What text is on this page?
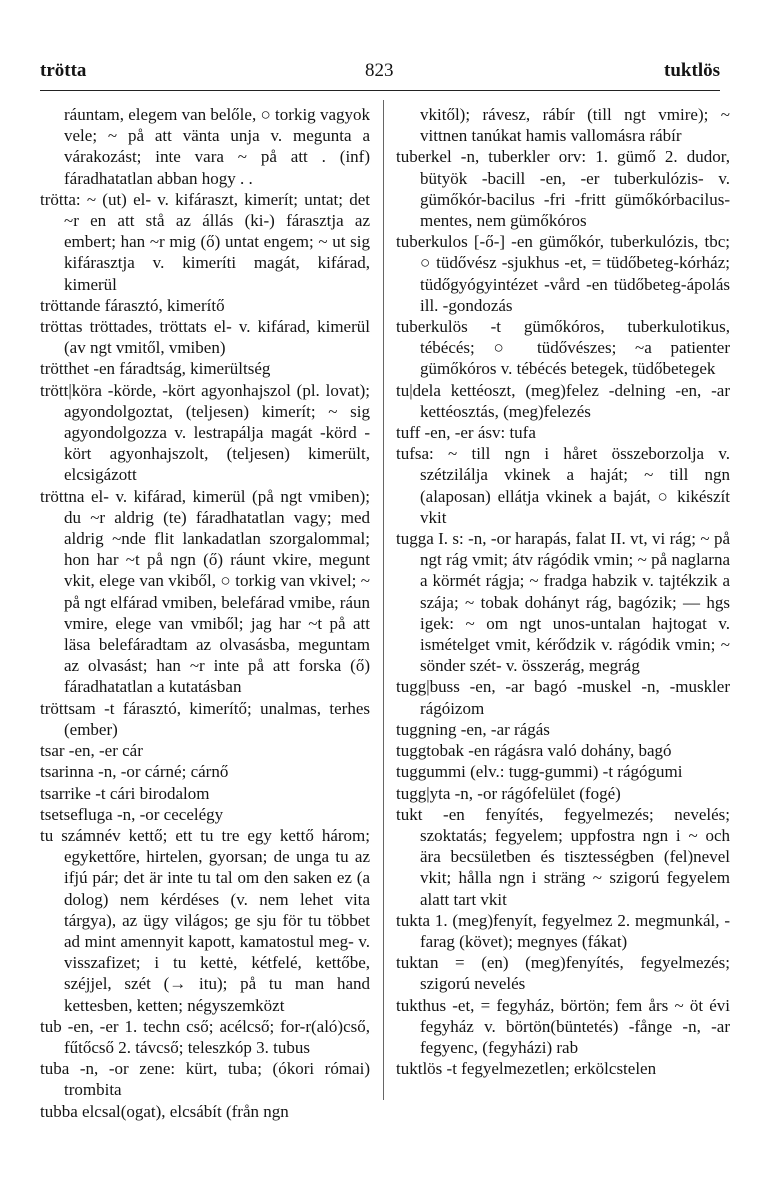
trötta	823	tuktlös

ráuntam, elegem van belőle, ○ torkig vagyok vele; ~ på att vänta unja v. megunta a várakozást; inte vara ~ på att . (inf) fáradhatatlan abban hogy . .

trötta: ~ (ut) el- v. kifáraszt, kimerít; untat; det ~r en att stå az állás (ki-) fárasztja az embert; han ~r mig (ő) untat engem; ~ ut sig kifárasztja v. kimeríti magát, kifárad, kimerül

tröttande fárasztó, kimerítő

tröttas tröttades, tröttats el- v. kifárad, kimerül (av ngt vmitől, vmiben)

trötthet -en fáradtság, kimerültség

trött|köra -körde, -kört agyonhajszol (pl. lovat); agyondolgoztat, (teljesen) kimerít; ~ sig agyondolgozza v. lestrapálja magát -körd -kört agyonhajszolt, (teljesen) kimerült, elcsigázott

tröttna el- v. kifárad, kimerül (på ngt vmiben); du ~r aldrig (te) fáradhatatlan vagy; med aldrig ~nde flit lankadatlan szorgalommal; hon har ~t på ngn (ő) ráunt vkire, megunt vkit, elege van vkiből, ○ torkig van vkivel; ~ på ngt elfárad vmiben, belefárad vmibe, ráun vmire, elege van vmiből; jag har ~t på att läsa belefáradtam az olvasásba, meguntam az olvasást; han ~r inte på att forska (ő) fáradhatatlan a kutatásban

tröttsam -t fárasztó, kimerítő; unalmas, terhes (ember)

tsar -en, -er cár

tsarinna -n, -or cárné; cárnő

tsarrike -t cári birodalom

tsetseflugа -n, -or cecelégy

tu számnév kettő; ett tu tre egy kettő három; egykettőre, hirtelen, gyorsan; de unga tu az ifjú pár; det är inte tu tal om den saken ez (a dolog) nem kérdéses (v. nem lehet vita tárgya), az ügy világos; ge sju för tu többet ad mint amennyit kapott, kamatostul meg- v. visszafizet; i tu kettė, kétfelé, kettőbe, széjjel, szét (→ itu); på tu man hand kettesben, ketten; négyszemközt

tub -en, -er 1. techn cső; acélcső; for-r(aló)cső, fűtőcső 2. távcső; teleszkóp 3. tubus

tuba -n, -or zene: kürt, tuba; (ókori római) trombita

tubba elcsal(ogat), elcsábít (från ngn

vkitől); rávesz, rábír (till ngt vmire); ~ vittnen tanúkat hamis vallomásra rábír

tuberkel -n, tuberkler orv: 1. gümő 2. dudor, bütyök -bacill -en, -er tuberkulózis- v. gümőkór-bacilus -fri -fritt gümőkórbacilus-mentes, nem gümőkóros

tuberkulos [-ő-] -en gümőkór, tuberkulózis, tbc; ○ tüdővész -sjukhus -et, = tüdőbeteg-kórház; tüdőgyógyintézet -vård -en tüdőbeteg-ápolás ill. -gondozás

tuberkulös -t gümőkóros, tuberkulotikus, tébécés; ○ tüdővészes; ~a patienter gümőkóros v. tébécés betegek, tüdőbetegek

tu|dela kettéoszt, (meg)felez -delning -en, -ar kettéosztás, (meg)felezés

tuff -en, -er ásv: tufa

tufsa: ~ till ngn i håret összeborzolja v. szétzilálja vkinek a haját; ~ till ngn (alaposan) ellátja vkinek a baját, ○ kikészít vkit

tugga I. s: -n, -or harapás, falat II. vt, vi rág; ~ på ngt rág vmit; átv rágódik vmin; ~ på naglarna a körmét rágja; ~ fradga habzik v. tajtékzik a szája; ~ tobak dohányt rág, bagózik; — hgs igek: ~ om ngt unos-untalan hajtogat v. ismételget vmit, kérődzik v. rágódik vmin; ~ sönder szét- v. összerág, megrág

tugg|buss -en, -ar bagó -muskel -n, -muskler rágóizom

tuggning -en, -ar rágás

tuggtobak -en rágásra való dohány, bagó

tuggummi (elv.: tugg-gummi) -t rágógumi

tugg|yta -n, -or rágófelület (fogé)

tukt -en fenyítés, fegyelmezés; nevelés; szoktatás; fegyelem; uppfostra ngn i ~ och ära becsületben és tisztességben (fel)nevel vkit; hålla ngn i sträng ~ szigorú fegyelem alatt tart vkit

tukta 1. (meg)fenyít, fegyelmez 2. megmunkál, -farag (követ); megnyes (fákat)

tuktan = (en) (meg)fenyítés, fegyelmezés; szigorú nevelés

tukthus -et, = fegyház, börtön; fem års ~ öt évi fegyház v. börtön(büntetés) -fånge -n, -ar fegyenc, (fegyházi) rab

tuktlös -t fegyelmezetlen; erkölcstelen
